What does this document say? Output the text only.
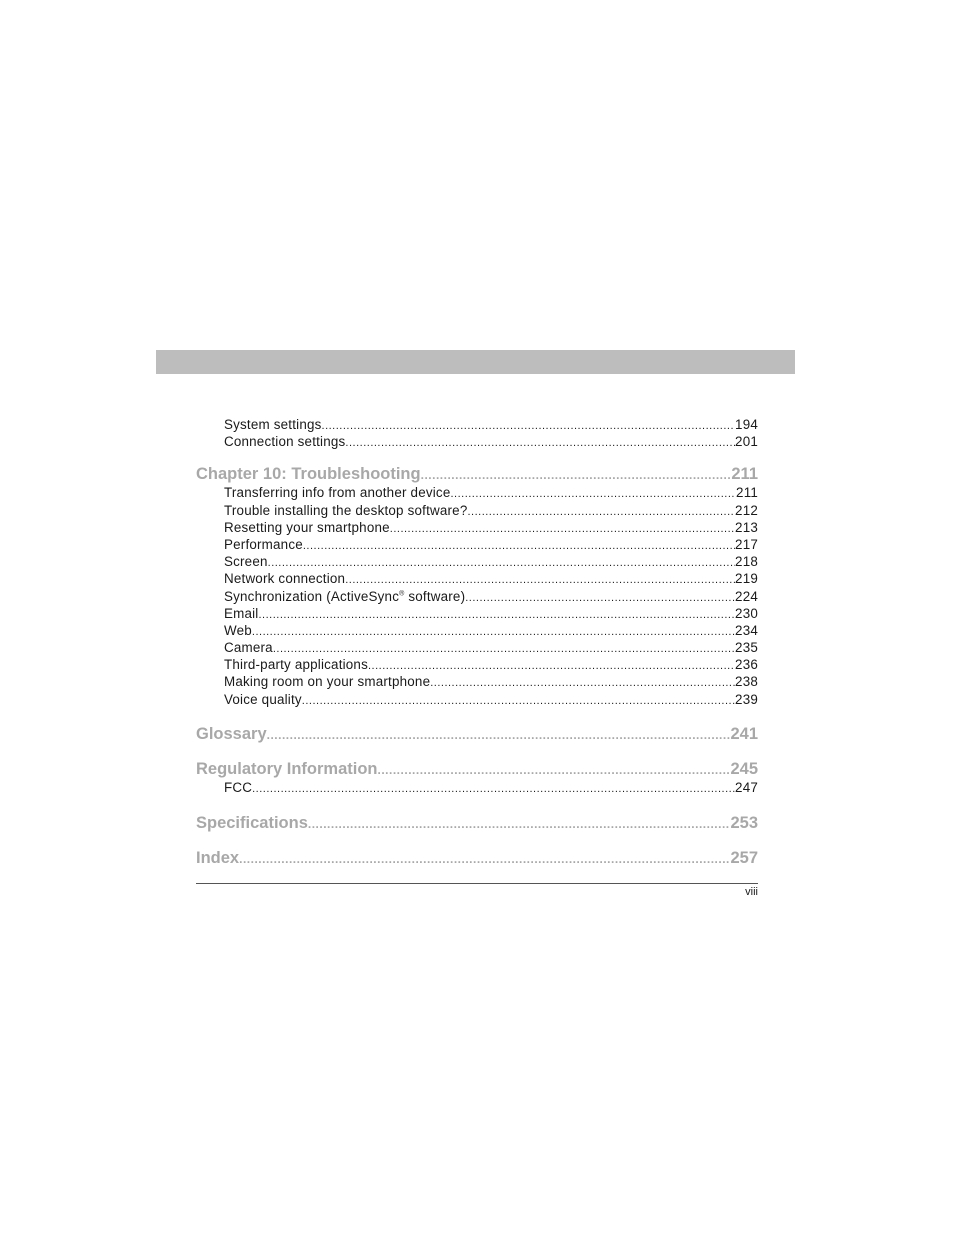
System settings .....	194
Connection settings .....	201
Chapter 10: Troubleshooting .....	211
Transferring info from another device .....	211
Trouble installing the desktop software? .....	212
Resetting your smartphone .....	213
Performance .....	217
Screen .....	218
Network connection .....	219
Synchronization (ActiveSync® software) .....	224
Email .....	230
Web .....	234
Camera .....	235
Third-party applications .....	236
Making room on your smartphone .....	238
Voice quality .....	239
Glossary .....	241
Regulatory Information .....	245
FCC .....	247
Specifications .....	253
Index .....	257
viii
